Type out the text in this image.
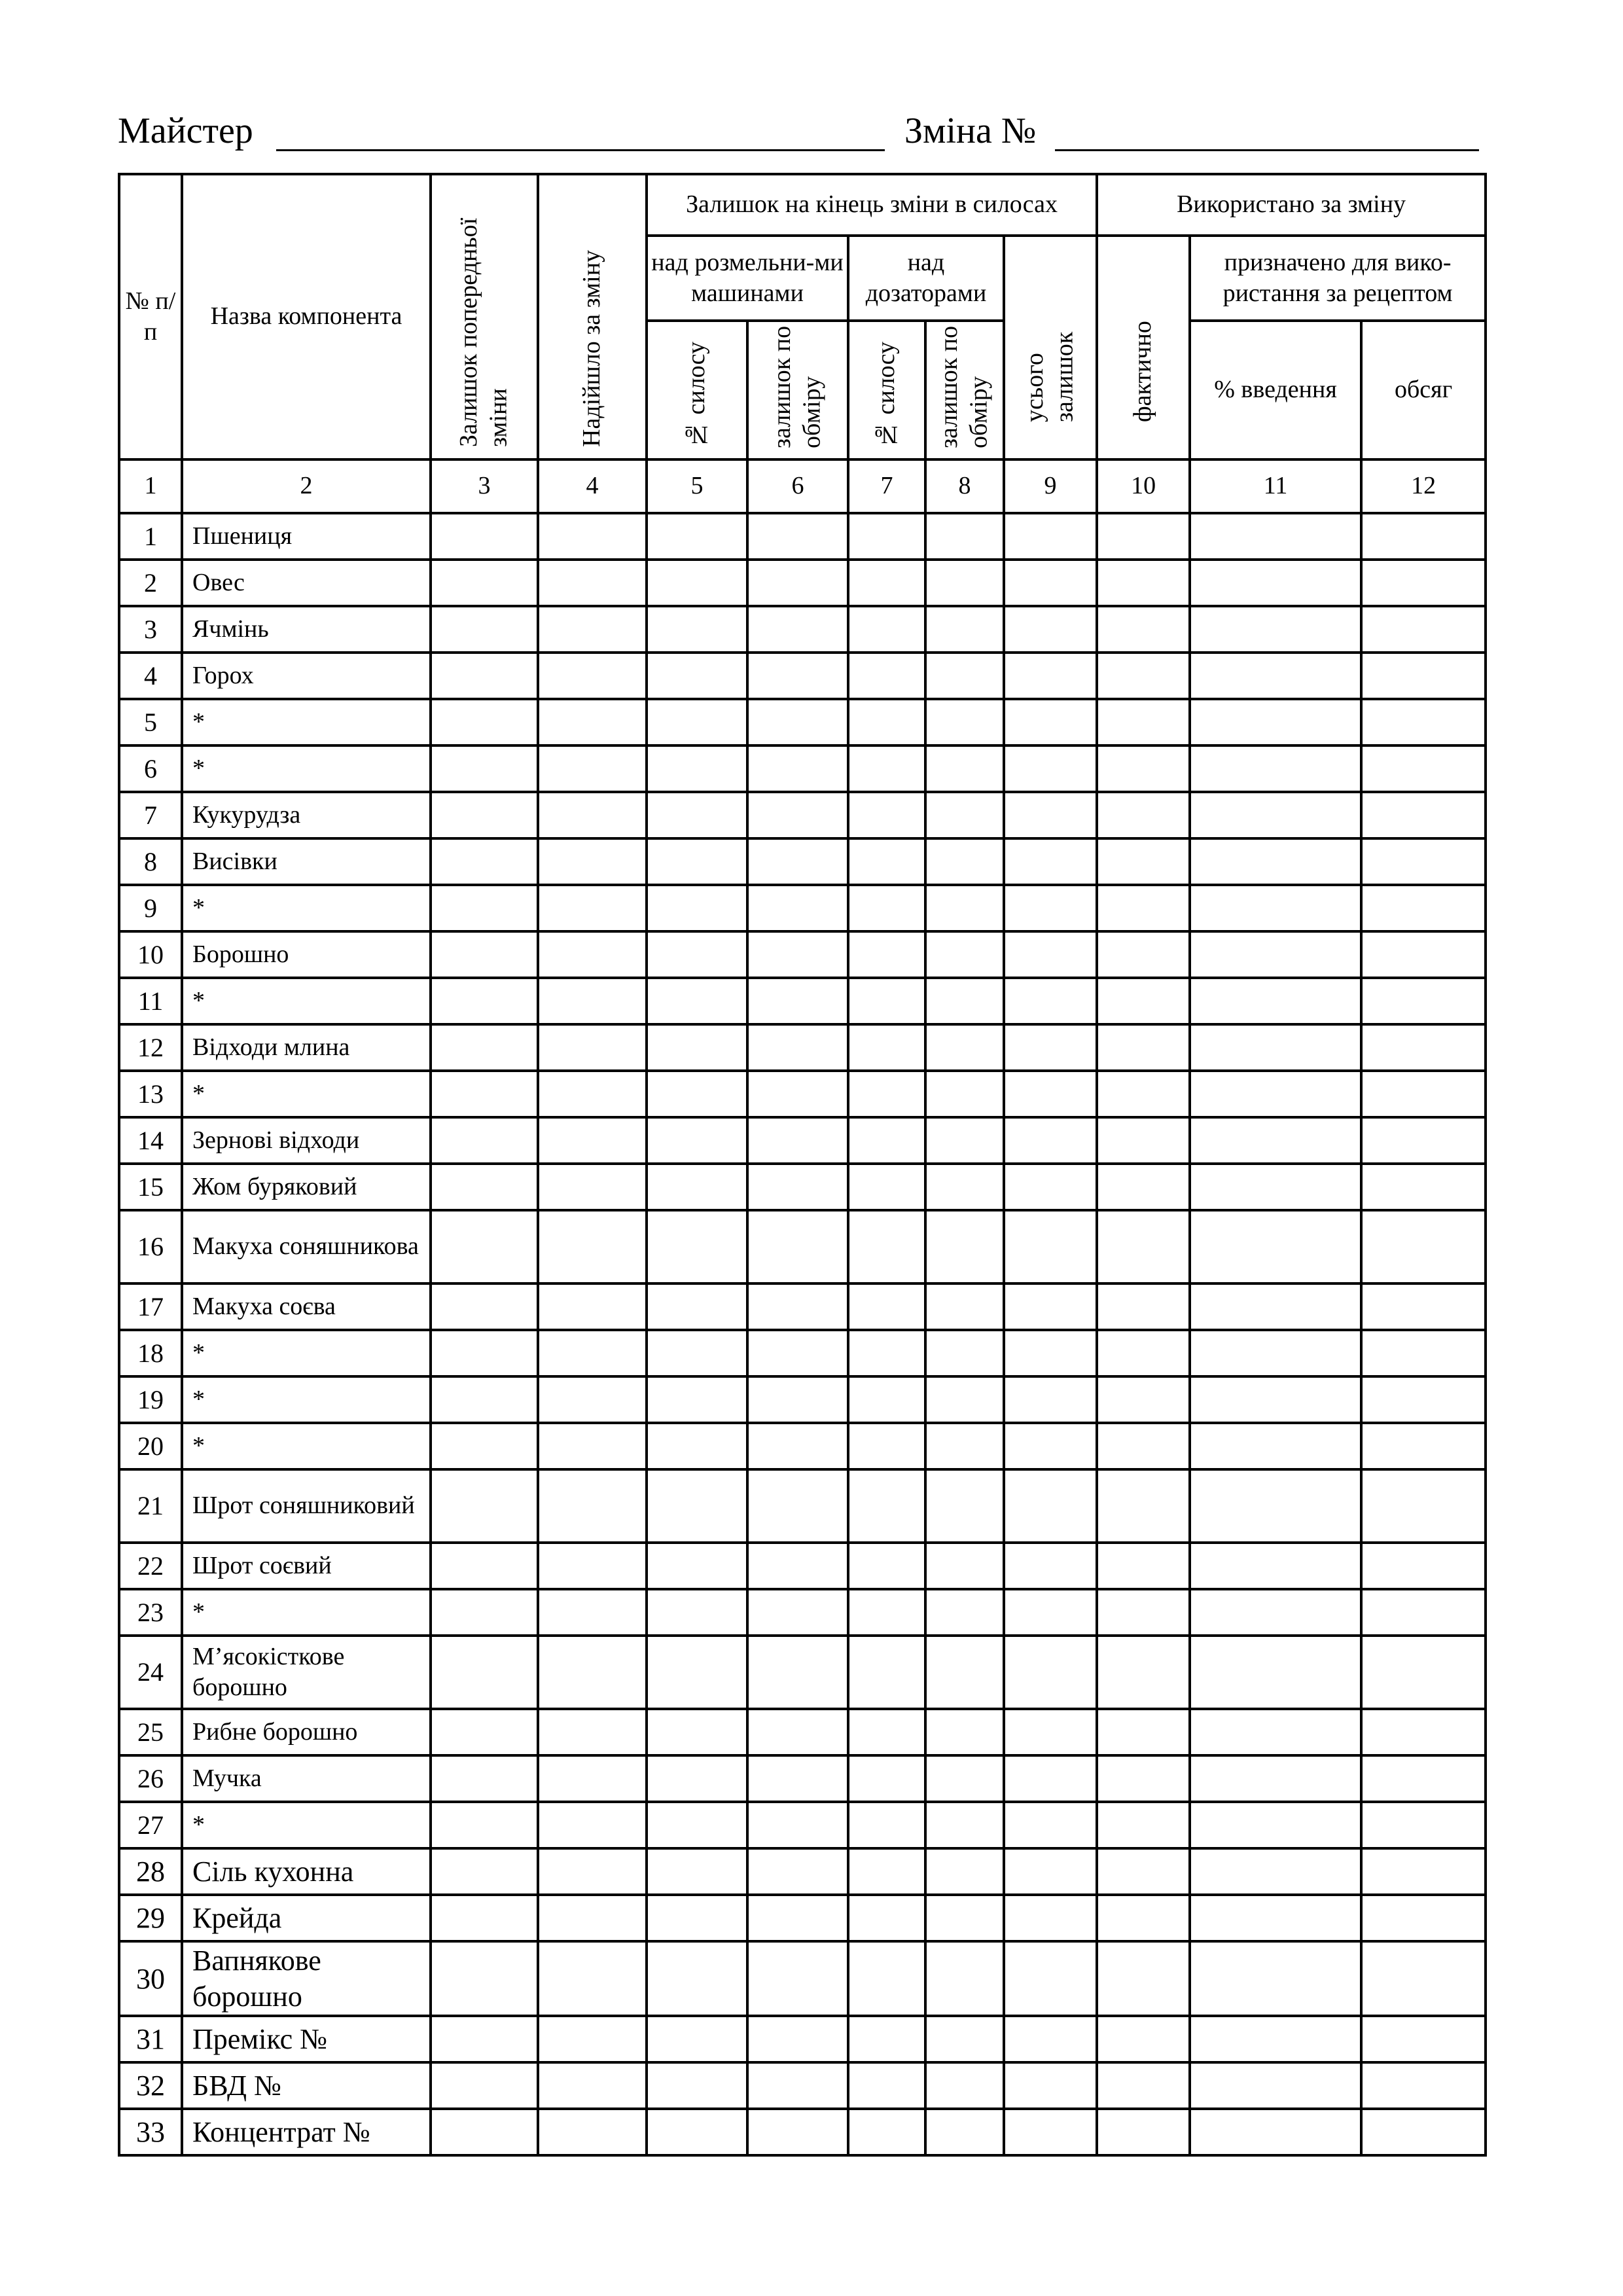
Майстер	Зміна №
№ п/п	Назва компонента	Залишок попередньої зміни	Надійшло за зміну	Залишок на кінець зміни в силосах					Використано за зміну		
				над розмельни-ми машинами		над дозаторами		усього залишок	фактично	призначено для вико-ристання за рецептом	
				№ силосу	залишок по обміру	№ силосу	залишок по обміру			% введення	обсяг
1	2	3	4	5	6	7	8	9	10	11	12
1	Пшениця										
2	Овес										
3	Ячмінь										
4	Горох										
5	*										
6	*										
7	Кукурудза										
8	Висівки										
9	*										
10	Борошно										
11	*										
12	Відходи млина										
13	*										
14	Зернові відходи										
15	Жом буряковий										
16	Макуха соняшникова										
17	Макуха соєва										
18	*										
19	*										
20	*										
21	Шрот соняшниковий										
22	Шрот соєвий										
23	*										
24	М’ясокісткове борошно										
25	Рибне борошно										
26	Мучка										
27	*										
28	Сіль кухонна										
29	Крейда										
30	Вапнякове борошно										
31	Премікс №										
32	БВД №										
33	Концентрат №										
